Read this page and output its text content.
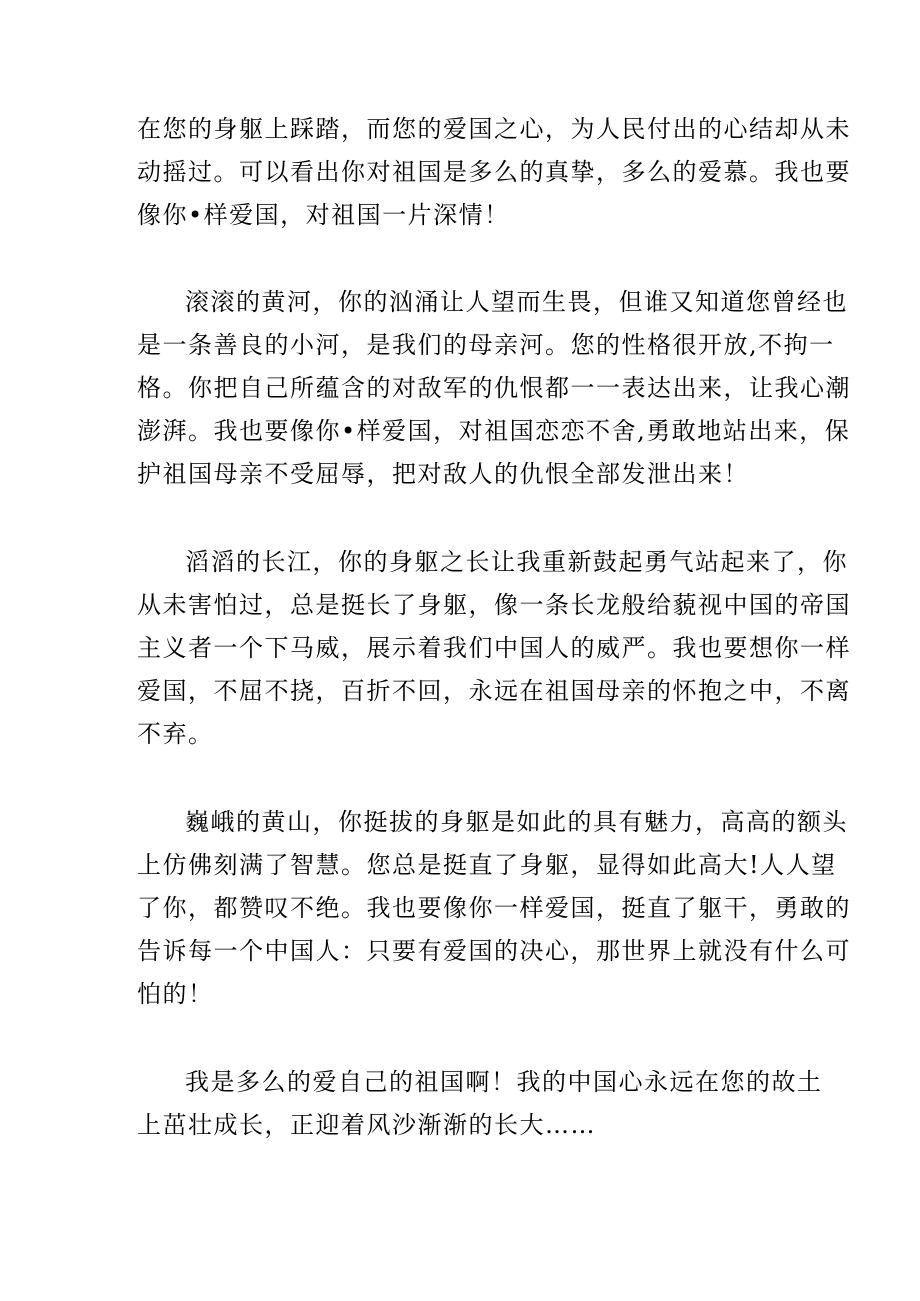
在您的身躯上踩踏，而您的爱国之心，为人民付出的心结却从未
动摇过。可以看出你对祖国是多么的真挚，多么的爱慕。我也要
像你•样爱国，对祖国一片深情！
滚滚的黄河，你的汹涌让人望而生畏，但谁又知道您曾经也
是一条善良的小河，是我们的母亲河。您的性格很开放,不拘一
格。你把自己所蕴含的对敌军的仇恨都一一表达出来，让我心潮
澎湃。我也要像你•样爱国，对祖国恋恋不舍,勇敢地站出来，保
护祖国母亲不受屈辱，把对敌人的仇恨全部发泄出来！
滔滔的长江，你的身躯之长让我重新鼓起勇气站起来了，你
从未害怕过，总是挺长了身躯，像一条长龙般给藐视中国的帝国
主义者一个下马威，展示着我们中国人的威严。我也要想你一样
爱国，不屈不挠，百折不回，永远在祖国母亲的怀抱之中，不离
不弃。
巍峨的黄山，你挺拔的身躯是如此的具有魅力，高高的额头
上仿佛刻满了智慧。您总是挺直了身躯，显得如此高大!人人望
了你，都赞叹不绝。我也要像你一样爱国，挺直了躯干，勇敢的
告诉每一个中国人：只要有爱国的决心，那世界上就没有什么可
怕的！
我是多么的爱自己的祖国啊！我的中国心永远在您的故土
上茁壮成长，正迎着风沙渐渐的长大……
